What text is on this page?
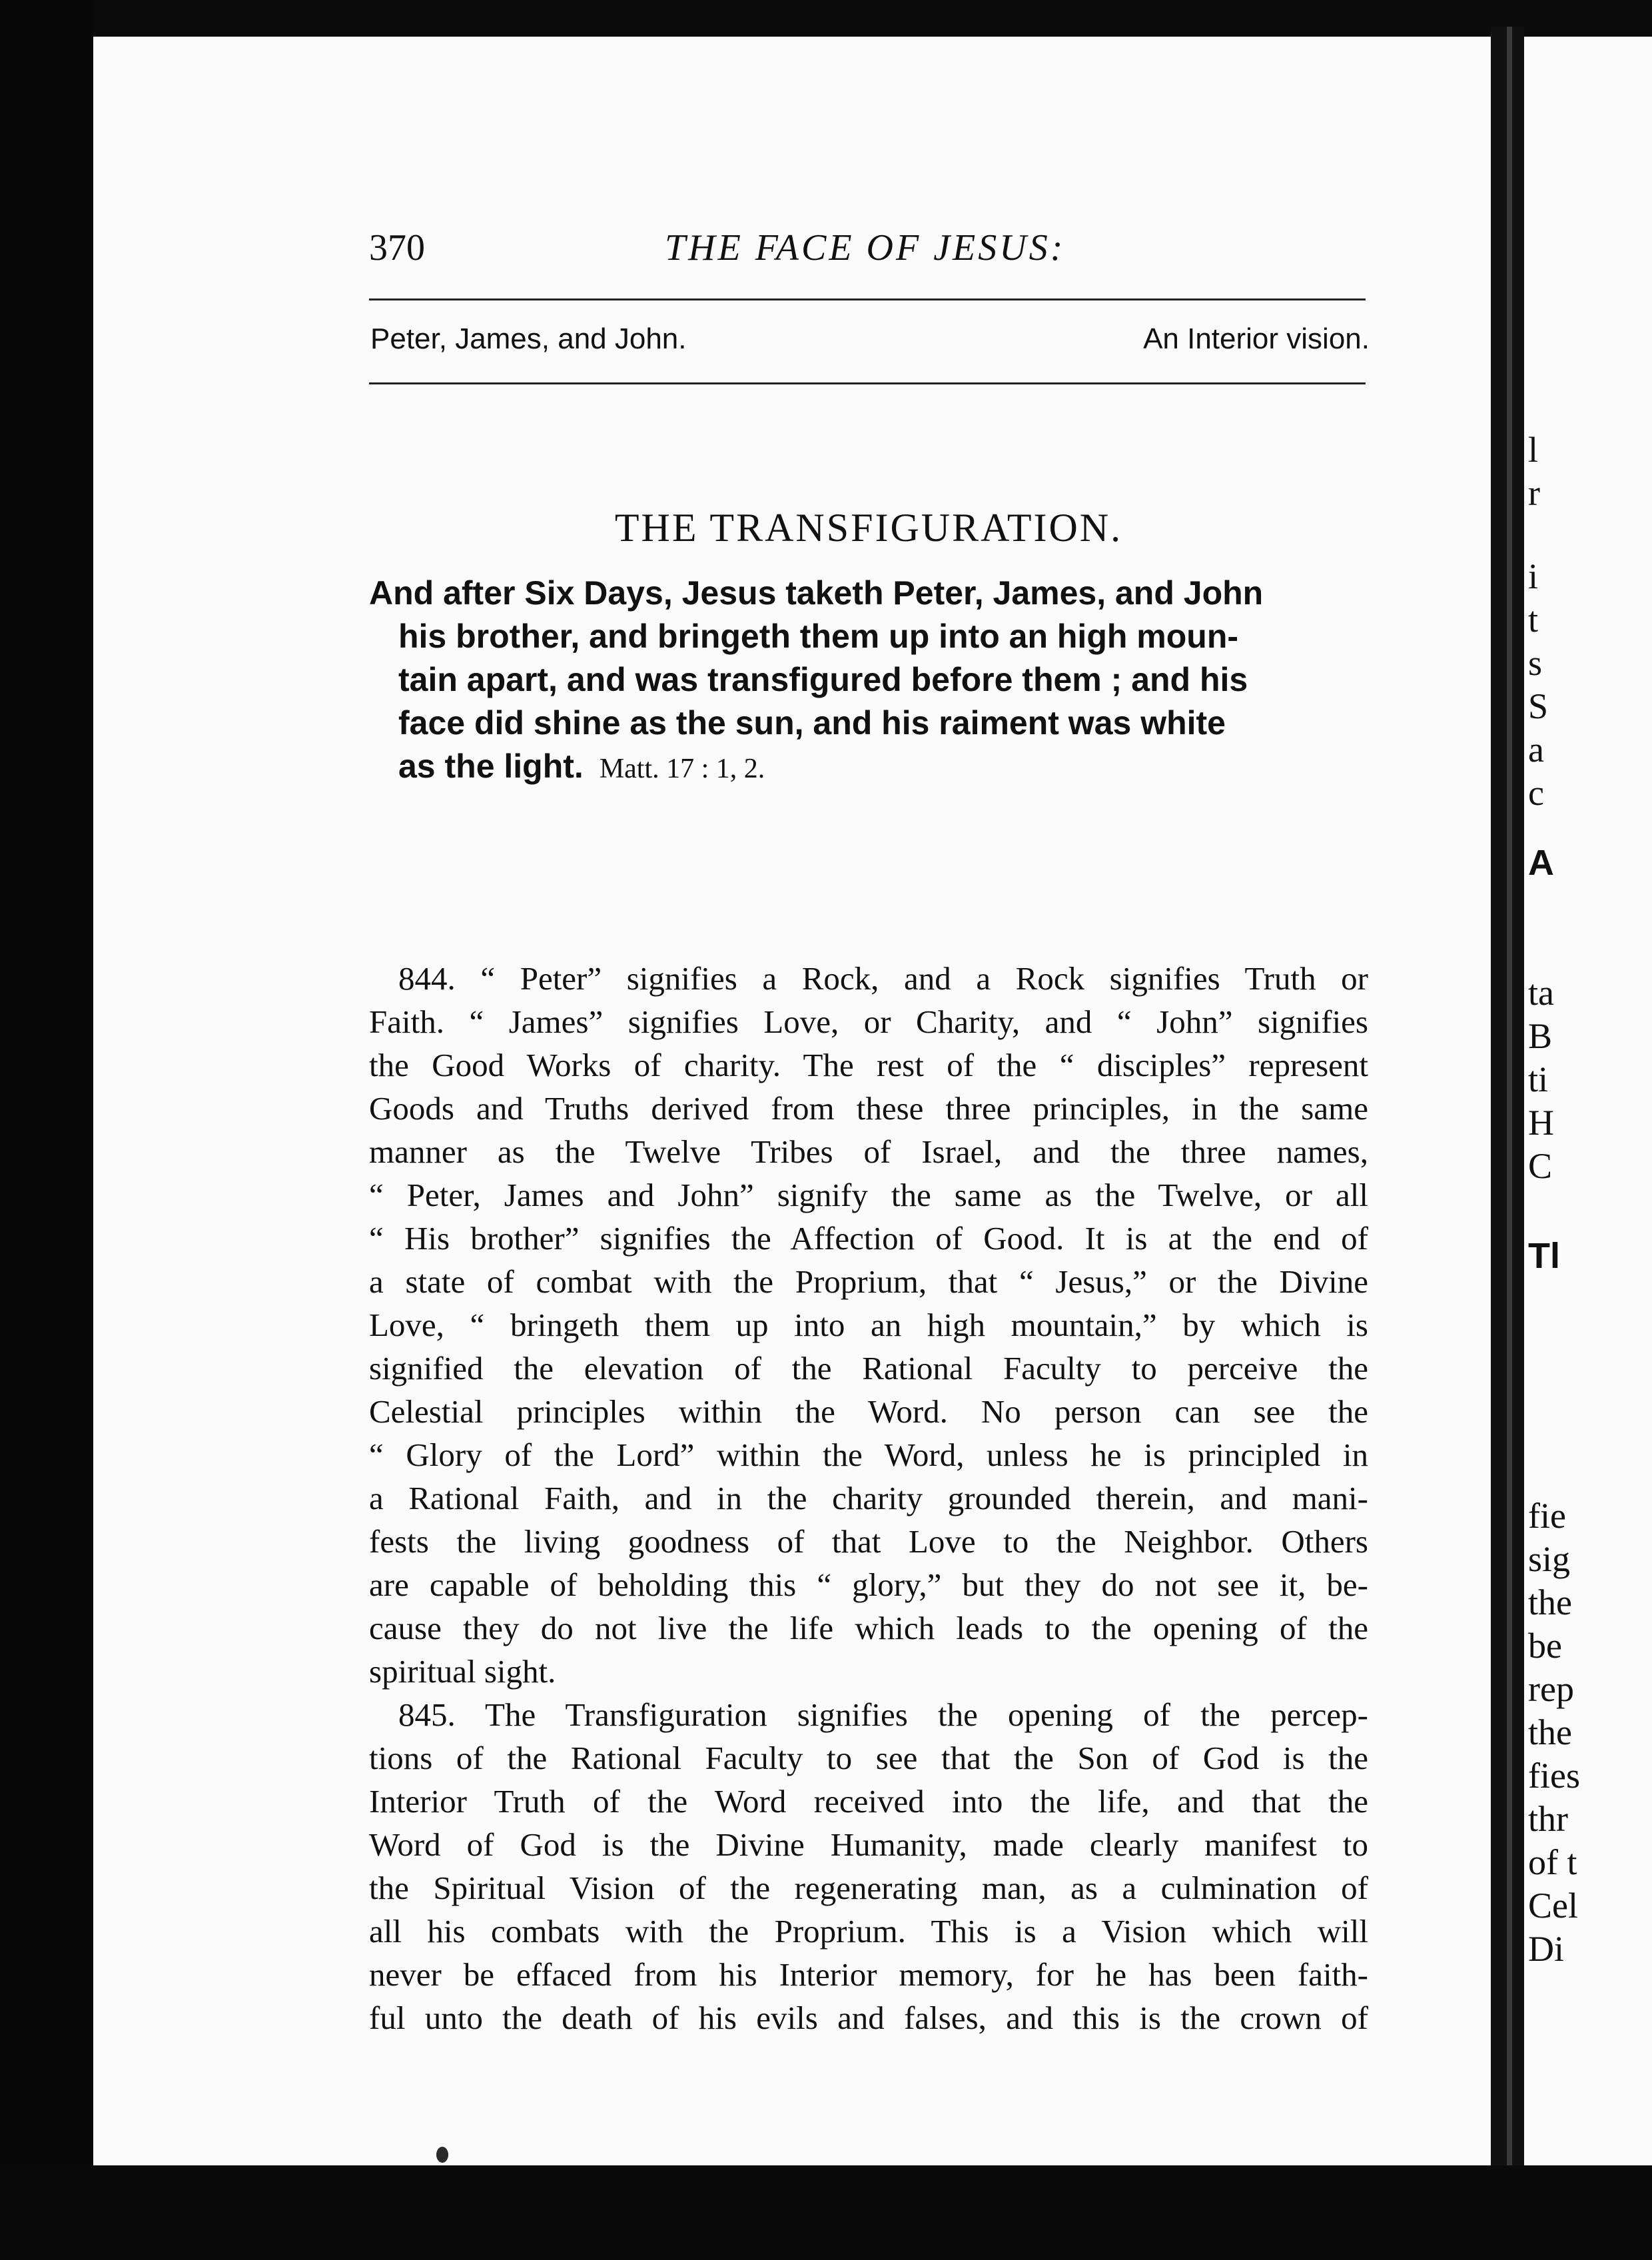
370	THE FACE OF JESUS:
Peter, James, and John.	An Interior vision.
THE TRANSFIGURATION.
And after Six Days, Jesus taketh Peter, James, and John
his brother, and bringeth them up into an high moun-
tain apart, and was transfigured before them ; and his
face did shine as the sun, and his raiment was white
as the light. Matt. 17 : 1, 2.
844. “ Peter” signifies a Rock, and a Rock signifies Truth or
Faith. “ James” signifies Love, or Charity, and “ John” signifies
the Good Works of charity. The rest of the “ disciples” represent
Goods and Truths derived from these three principles, in the same
manner as the Twelve Tribes of Israel, and the three names,
“ Peter, James and John” signify the same as the Twelve, or all
“ His brother” signifies the Affection of Good. It is at the end of
a state of combat with the Proprium, that “ Jesus,” or the Divine
Love, “ bringeth them up into an high mountain,” by which is
signified the elevation of the Rational Faculty to perceive the
Celestial principles within the Word. No person can see the
“ Glory of the Lord” within the Word, unless he is principled in
a Rational Faith, and in the charity grounded therein, and mani-
fests the living goodness of that Love to the Neighbor. Others
are capable of beholding this “ glory,” but they do not see it, be-
cause they do not live the life which leads to the opening of the
spiritual sight.
845. The Transfiguration signifies the opening of the percep-
tions of the Rational Faculty to see that the Son of God is the
Interior Truth of the Word received into the life, and that the
Word of God is the Divine Humanity, made clearly manifest to
the Spiritual Vision of the regenerating man, as a culmination of
all his combats with the Proprium. This is a Vision which will
never be effaced from his Interior memory, for he has been faith-
ful unto the death of his evils and falses, and this is the crown of
l
r
i
t
s
S
a
c
A
ta
B
ti
H
C
Tl
fie
sig
the
be
rep
the
fies
thr
of t
Cel
Di
